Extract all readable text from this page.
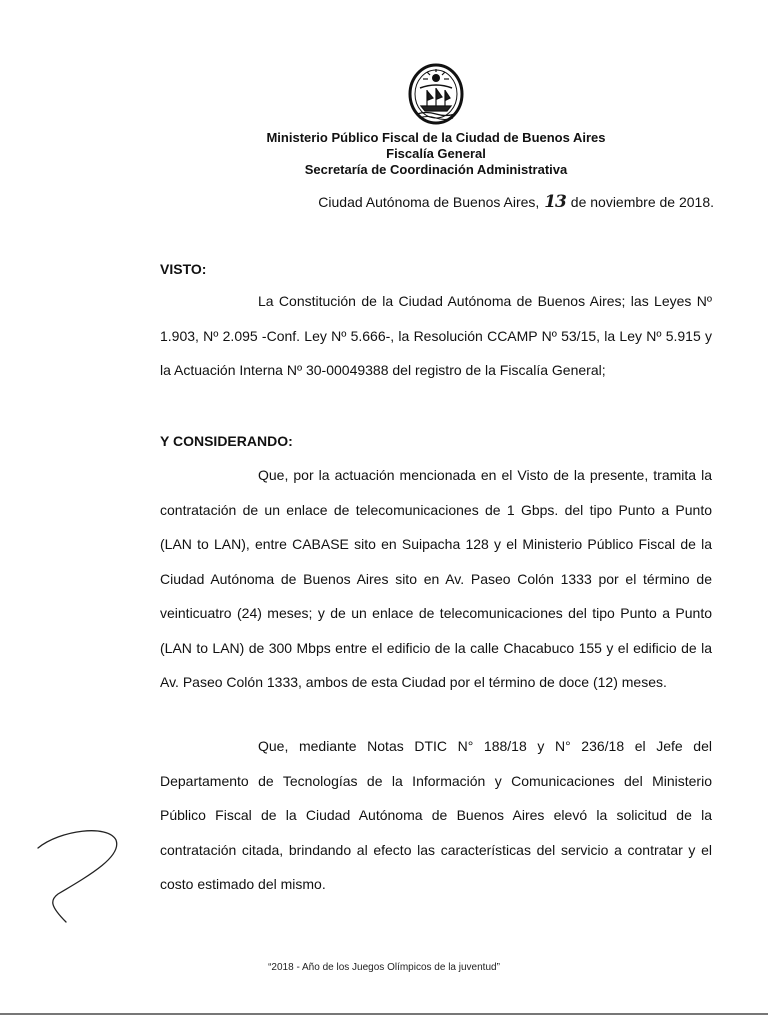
Ministerio Público Fiscal de la Ciudad de Buenos Aires
Fiscalía General
Secretaría de Coordinación Administrativa
Ciudad Autónoma de Buenos Aires, 13 de noviembre de 2018.
VISTO:

La Constitución de la Ciudad Autónoma de Buenos Aires; las Leyes Nº 1.903, Nº 2.095 -Conf. Ley Nº 5.666-, la Resolución CCAMP Nº 53/15, la Ley Nº 5.915 y la Actuación Interna Nº 30-00049388 del registro de la Fiscalía General;

Y CONSIDERANDO:

Que, por la actuación mencionada en el Visto de la presente, tramita la contratación de un enlace de telecomunicaciones de 1 Gbps. del tipo Punto a Punto (LAN to LAN), entre CABASE sito en Suipacha 128 y el Ministerio Público Fiscal de la Ciudad Autónoma de Buenos Aires sito en Av. Paseo Colón 1333 por el término de veinticuatro (24) meses; y de un enlace de telecomunicaciones del tipo Punto a Punto (LAN to LAN) de 300 Mbps entre el edificio de la calle Chacabuco 155 y el edificio de la Av. Paseo Colón 1333, ambos de esta Ciudad por el término de doce (12) meses.

Que, mediante Notas DTIC N° 188/18 y N° 236/18 el Jefe del Departamento de Tecnologías de la Información y Comunicaciones del Ministerio Público Fiscal de la Ciudad Autónoma de Buenos Aires elevó la solicitud de la contratación citada, brindando al efecto las características del servicio a contratar y el costo estimado del mismo.

“2018 - Año de los Juegos Olímpicos de la juventud”
